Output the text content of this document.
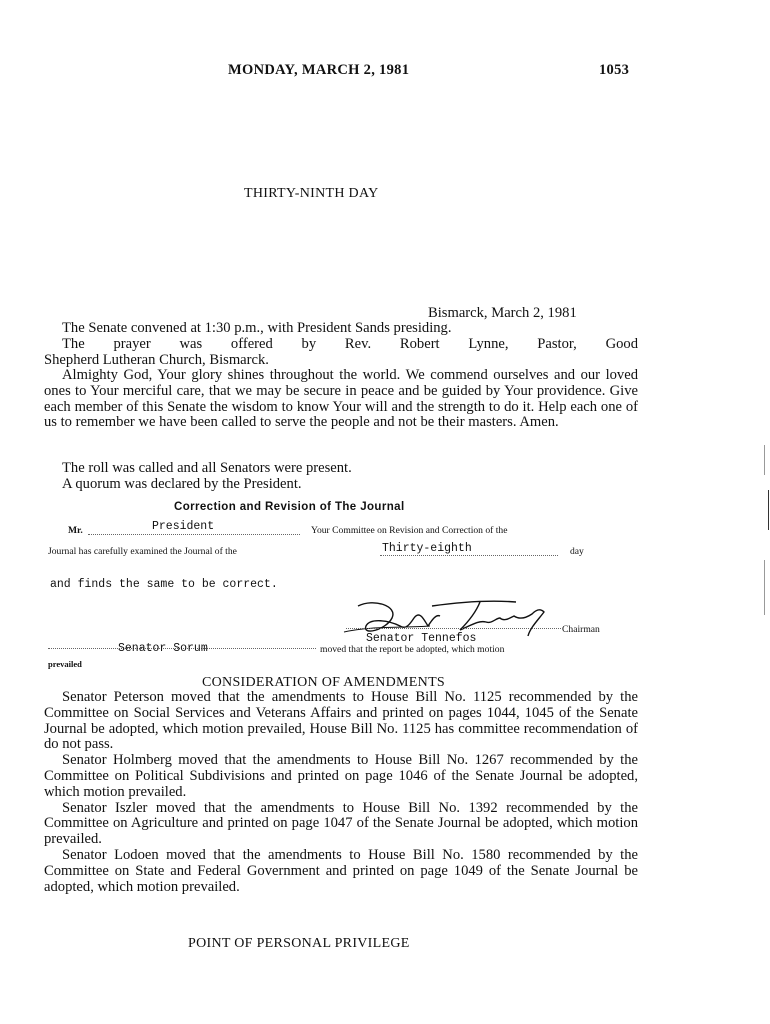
MONDAY, MARCH 2, 1981	1053
THIRTY-NINTH DAY
Bismarck, March 2, 1981
The Senate convened at 1:30 p.m., with President Sands presiding.
The prayer was offered by Rev. Robert Lynne, Pastor, Good
Shepherd Lutheran Church, Bismarck.

Almighty God, Your glory shines throughout the world. We commend ourselves and our loved ones to Your merciful care, that we may be secure in peace and be guided by Your providence. Give each member of this Senate the wisdom to know Your will and the strength to do it. Help each one of us to remember we have been called to serve the people and not be their masters. Amen.

The roll was called and all Senators were present.
A quorum was declared by the President.
Correction and Revision of The Journal
Mr.	President	Your Committee on Revision and Correction of the
Journal has carefully examined the Journal of the	Thirty-eighth	day
and finds the same to be correct.
Chairman
Senator Tennefos
Senator Sorum	moved that the report be adopted, which motion
prevailed
CONSIDERATION OF AMENDMENTS

Senator Peterson moved that the amendments to House Bill No. 1125 recommended by the Committee on Social Services and Veterans Affairs and printed on pages 1044, 1045 of the Senate Journal be adopted, which motion prevailed, House Bill No. 1125 has committee recommendation of do not pass.

Senator Holmberg moved that the amendments to House Bill No. 1267 recommended by the Committee on Political Subdivisions and printed on page 1046 of the Senate Journal be adopted, which motion prevailed.

Senator Iszler moved that the amendments to House Bill No. 1392 recommended by the Committee on Agriculture and printed on page 1047 of the Senate Journal be adopted, which motion prevailed.

Senator Lodoen moved that the amendments to House Bill No. 1580 recommended by the Committee on State and Federal Government and printed on page 1049 of the Senate Journal be adopted, which motion prevailed.

POINT OF PERSONAL PRIVILEGE
